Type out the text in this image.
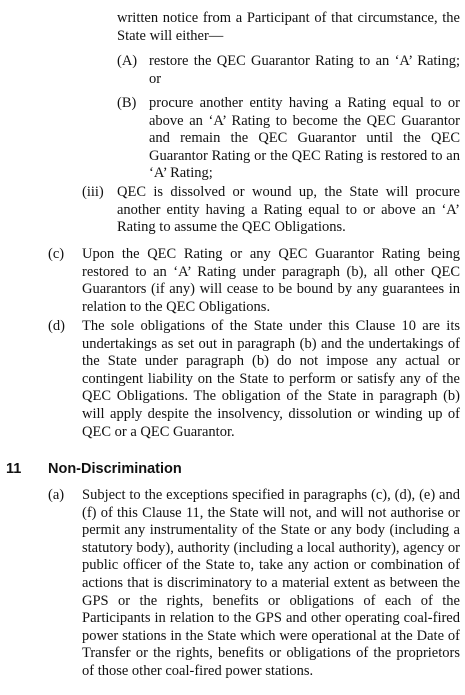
written notice from a Participant of that circumstance, the State will either—

(A) restore the QEC Guarantor Rating to an ‘A’ Rating; or

(B) procure another entity having a Rating equal to or above an ‘A’ Rating to become the QEC Guarantor and remain the QEC Guarantor until the QEC Guarantor Rating or the QEC Rating is restored to an ‘A’ Rating;

(iii) QEC is dissolved or wound up, the State will procure another entity having a Rating equal to or above an ‘A’ Rating to assume the QEC Obligations.

(c) Upon the QEC Rating or any QEC Guarantor Rating being restored to an ‘A’ Rating under paragraph (b), all other QEC Guarantors (if any) will cease to be bound by any guarantees in relation to the QEC Obligations.

(d) The sole obligations of the State under this Clause 10 are its undertakings as set out in paragraph (b) and the undertakings of the State under paragraph (b) do not impose any actual or contingent liability on the State to perform or satisfy any of the QEC Obligations. The obligation of the State in paragraph (b) will apply despite the insolvency, dissolution or winding up of QEC or a QEC Guarantor.

11 Non-Discrimination
(a) Subject to the exceptions specified in paragraphs (c), (d), (e) and (f) of this Clause 11, the State will not, and will not authorise or permit any instrumentality of the State or any body (including a statutory body), authority (including a local authority), agency or public officer of the State to, take any action or combination of actions that is discriminatory to a material extent as between the GPS or the rights, benefits or obligations of each of the Participants in relation to the GPS and other operating coal-fired power stations in the State which were operational at the Date of Transfer or the rights, benefits or obligations of the proprietors of those other coal-fired power stations.
